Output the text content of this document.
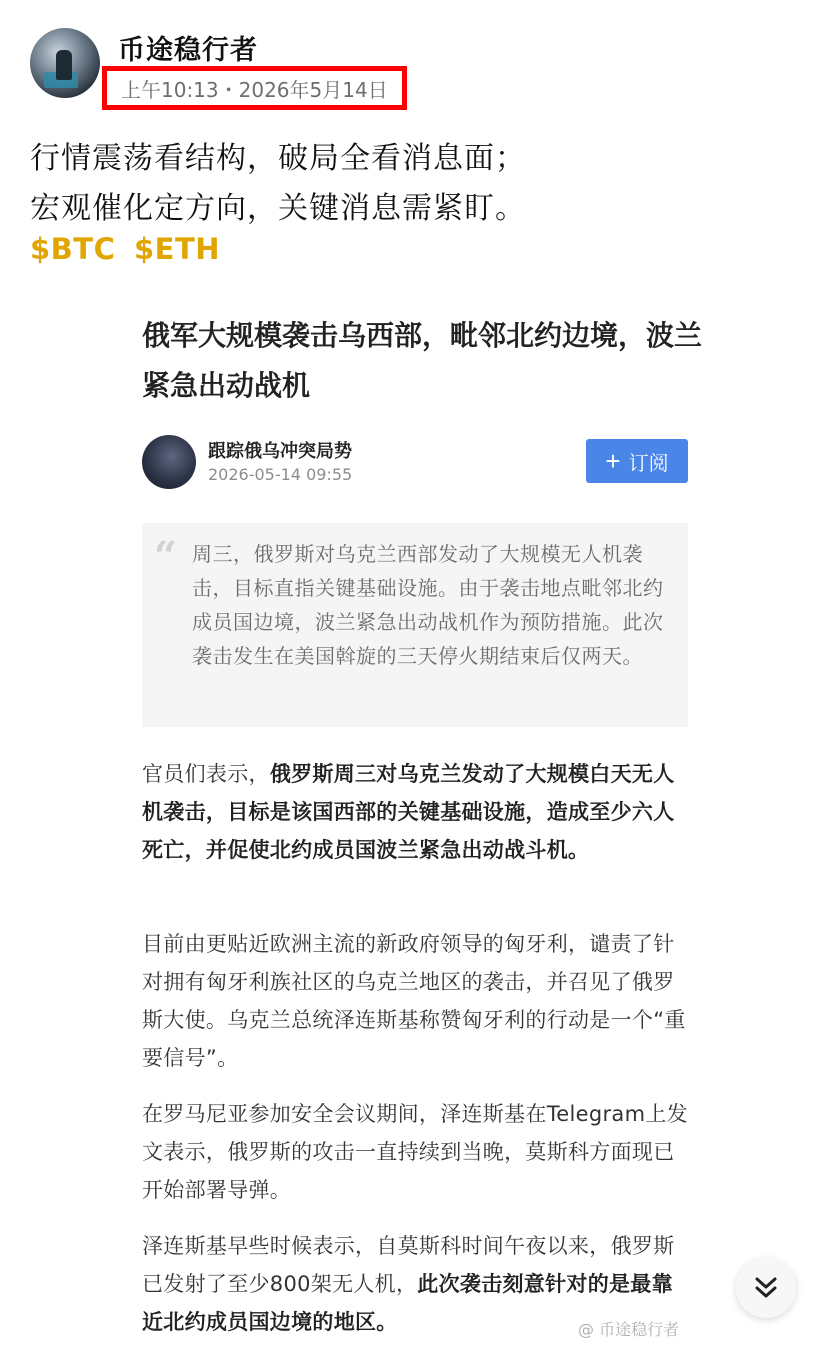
币途稳行者
上午10:13・2026年5月14日
行情震荡看结构，破局全看消息面；
宏观催化定方向，关键消息需紧盯。
$BTC $ETH
俄军大规模袭击乌西部，毗邻北约边境，波兰紧急出动战机
跟踪俄乌冲突局势
2026-05-14 09:55	+ 订阅
“ 周三，俄罗斯对乌克兰西部发动了大规模无人机袭击，目标直指关键基础设施。由于袭击地点毗邻北约成员国边境，波兰紧急出动战机作为预防措施。此次袭击发生在美国斡旋的三天停火期结束后仅两天。
官员们表示，俄罗斯周三对乌克兰发动了大规模白天无人机袭击，目标是该国西部的关键基础设施，造成至少六人死亡，并促使北约成员国波兰紧急出动战斗机。
目前由更贴近欧洲主流的新政府领导的匈牙利，谴责了针对拥有匈牙利族社区的乌克兰地区的袭击，并召见了俄罗斯大使。乌克兰总统泽连斯基称赞匈牙利的行动是一个“重要信号”。
在罗马尼亚参加安全会议期间，泽连斯基在Telegram上发文表示，俄罗斯的攻击一直持续到当晚，莫斯科方面现已开始部署导弹。
泽连斯基早些时候表示，自莫斯科时间午夜以来，俄罗斯已发射了至少800架无人机，此次袭击刻意针对的是最靠近北约成员国边境的地区。	@ 币途稳行者
